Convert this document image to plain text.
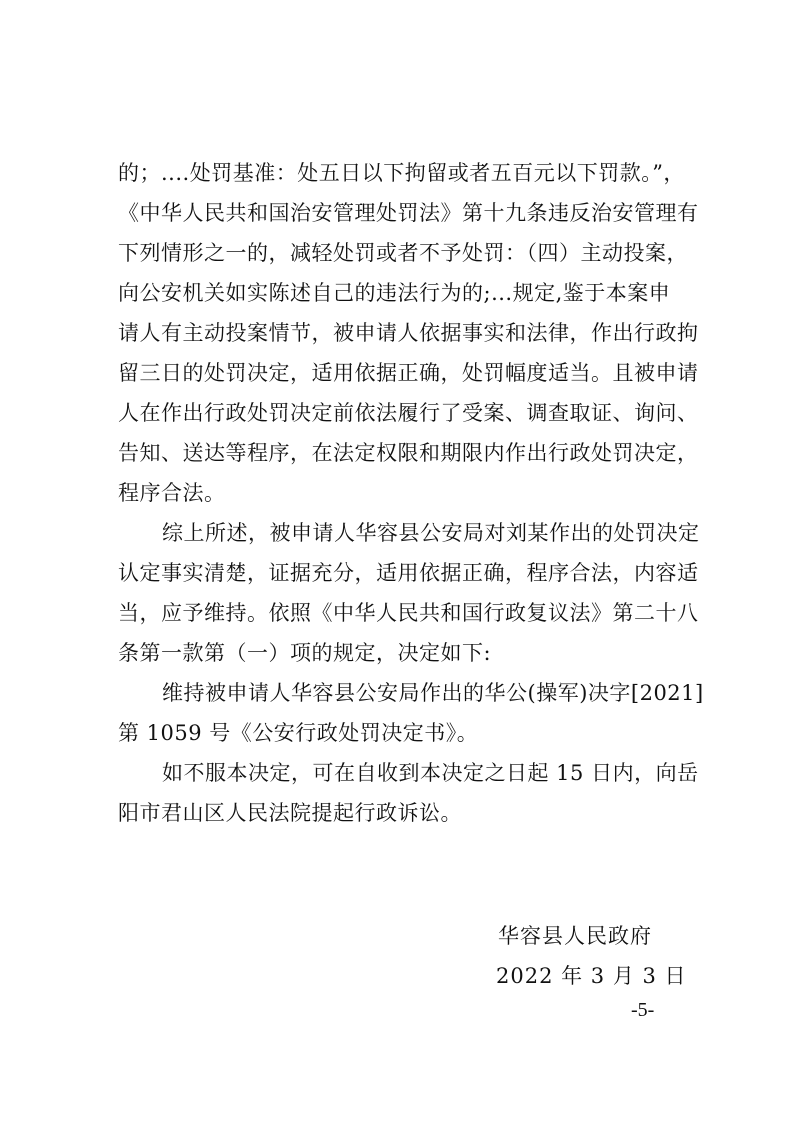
的；....处罚基准：处五日以下拘留或者五百元以下罚款。”，
《中华人民共和国治安管理处罚法》第十九条违反治安管理有
下列情形之一的，减轻处罚或者不予处罚：（四）主动投案，
向公安机关如实陈述自己的违法行为的;...规定,鉴于本案申
请人有主动投案情节，被申请人依据事实和法律，作出行政拘
留三日的处罚决定，适用依据正确，处罚幅度适当。且被申请
人在作出行政处罚决定前依法履行了受案、调查取证、询问、
告知、送达等程序，在法定权限和期限内作出行政处罚决定，
程序合法。
综上所述，被申请人华容县公安局对刘某作出的处罚决定
认定事实清楚，证据充分，适用依据正确，程序合法，内容适
当，应予维持。依照《中华人民共和国行政复议法》第二十八
条第一款第（一）项的规定，决定如下:
维持被申请人华容县公安局作出的华公(操军)决字[2021]
第 1059 号《公安行政处罚决定书》。
如不服本决定，可在自收到本决定之日起 15 日内，向岳
阳市君山区人民法院提起行政诉讼。
华容县人民政府
2022 年 3 月 3 日
-5-
